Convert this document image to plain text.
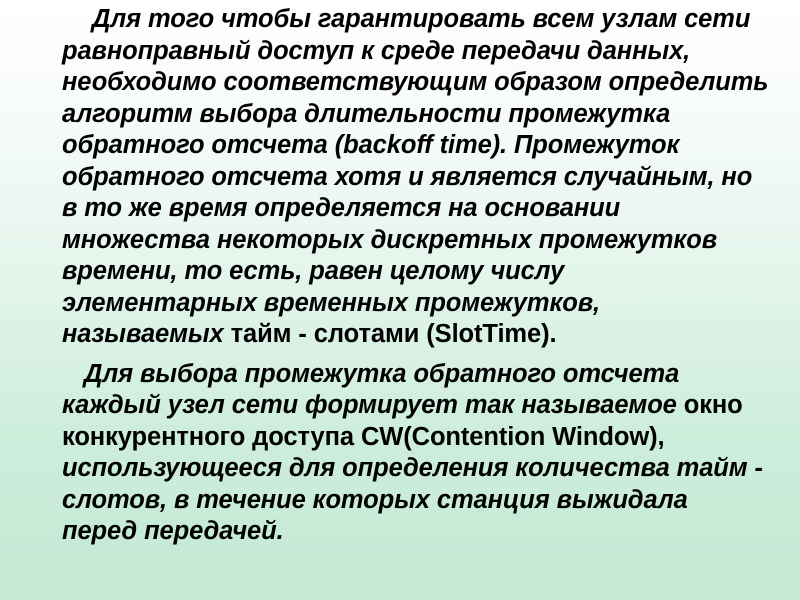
Для того чтобы гарантировать всем узлам сети
равноправный доступ к среде передачи данных,
необходимо соответствующим образом определить
алгоритм выбора длительности промежутка
обратного отсчета (backoff time). Промежуток
обратного отсчета хотя и является случайным, но
в то же время определяется на основании
множества некоторых дискретных промежутков
времени, то есть, равен целому числу
элементарных временных промежутков,
называемых тайм - слотами (SlotTime).

Для выбора промежутка обратного отсчета
каждый узел сети формирует так называемое окно
конкурентного доступа CW(Contention Window),
использующееся для определения количества тайм -
слотов, в течение которых станция выжидала
перед передачей.
